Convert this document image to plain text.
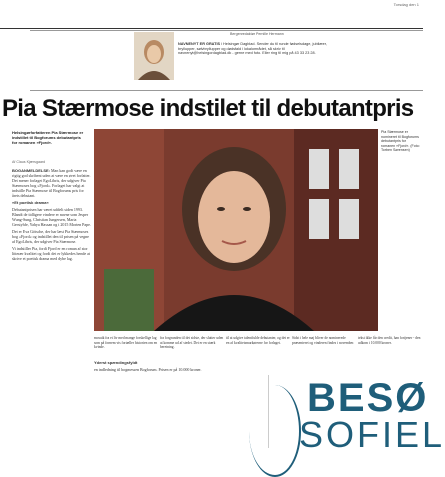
Torsdag den 1
Bergenredaktør Pernille Hermann
NAVNENYT ER GRATIS i Helsingør Dagblad. Sender du til runde fødselsdage, jubilæer, bryllupper, sølvbryllupper og dødsfald i lokalområdet, så skriv til navnenyt@helsingordagblad.dk - gerne med foto. Eller ring til mig på 43 33 23 28.
Pia Stærmose indstilet til debutantpris
Helsingørforfatteren Pia Stærmose er indstillet til Bogforums debutantpris for romanen »Fjord«.
Af Claus Kjærsgaard

BOGANMELDELSE: Man kan godt være en rigtig god skribent uden at være en øvet forfatter. Det mener forlaget EgoLibris, der udgiver Pia Stærmoses bog »Fjord«. Forlaget har valgt at indstille Pia Stærmose til Bogforums pris for årets debutant.

»Et poetisk drama«

Debutantprisen har været uddelt siden 1993. Blandt de tidligere vindere er navne som Jesper Wung-Sung, Christian Jungersen, Maria Gerstyhfe, Yahya Hassan og i 2015 Morten Pape.

Det er Eva Götsche, der har læst Pia Stærmoses bog »Fjord« og indstillet den til prisen på vegne af EgoLibris, der udgiver Pia Stærmose.

Vi indstiller Pia, fordi Fjord er en roman af stor litterær kvalitet og fordi det er lykkedes hende at skrive et poetisk drama med dybe lag.

Pia Stærmose er nomineret til Bogforums debutantpris for romanen »Fjord«. (Foto: Torben Sørensen)
mosaik fra et liv med mange forskellige lag som på fornem vis fortæller historien om en kvinde.
fra forgrunden til det sidste, der slutter uden at komme ud af stedet. Det er en stærk beretning.
til at udgive talentfulde debutanter, og det er en af kvalitetsmarkørerne for forlaget.
Sidst i hele maj bliver de nominerede præsenteret og vinderen findes i november.
tekst ikke får den credit, han fortjener - den udkom i 10.000 kroner.
Yderst spændingsfyldt
en indledning til bogmessen Bogforum. Prisen er på 10.000 kroner.
BESØ
SOFIEL
